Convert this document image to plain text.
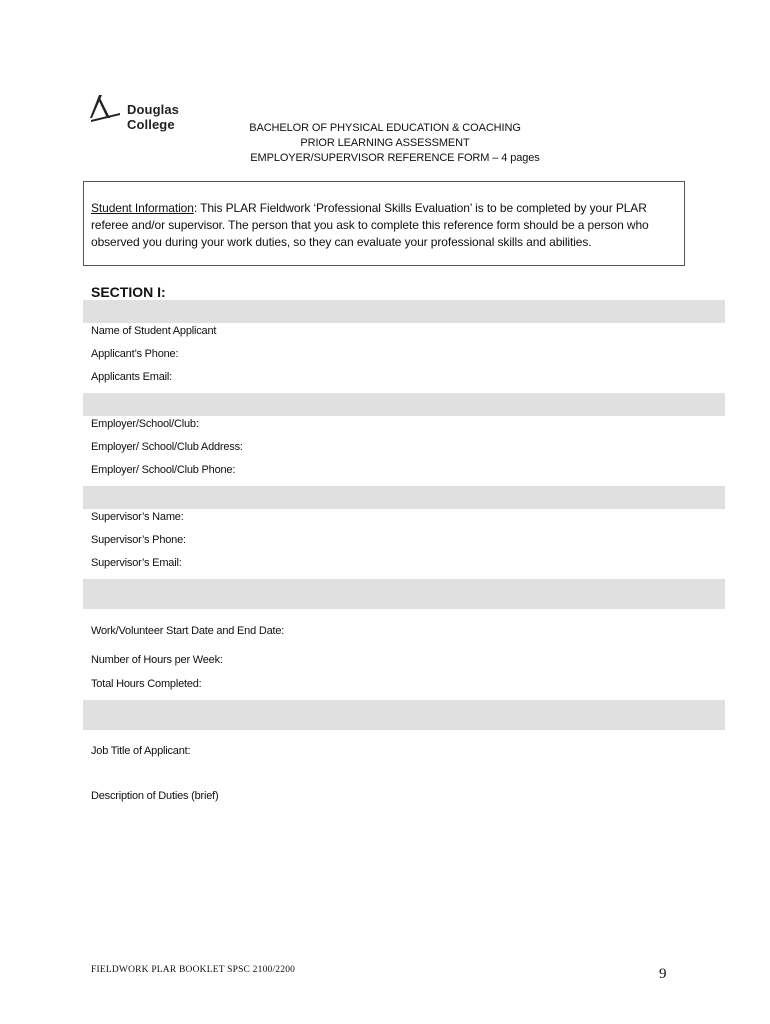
Douglas College	BACHELOR OF PHYSICAL EDUCATION & COACHING
PRIOR LEARNING ASSESSMENT
EMPLOYER/SUPERVISOR REFERENCE FORM – 4 pages
Student Information: This PLAR Fieldwork ‘Professional Skills Evaluation’ is to be completed by your PLAR referee and/or supervisor. The person that you ask to complete this reference form should be a person who observed you during your work duties, so they can evaluate your professional skills and abilities.
SECTION I:
Name of Student Applicant
Applicant’s Phone:
Applicants Email:
Employer/School/Club:
Employer/ School/Club Address:
Employer/ School/Club Phone:
Supervisor’s Name:
Supervisor’s Phone:
Supervisor’s Email:
Work/Volunteer Start Date and End Date:
Number of Hours per Week:
Total Hours Completed:
Job Title of Applicant:
Description of Duties (brief)
FIELDWORK PLAR BOOKLET SPSC 2100/2200	9
